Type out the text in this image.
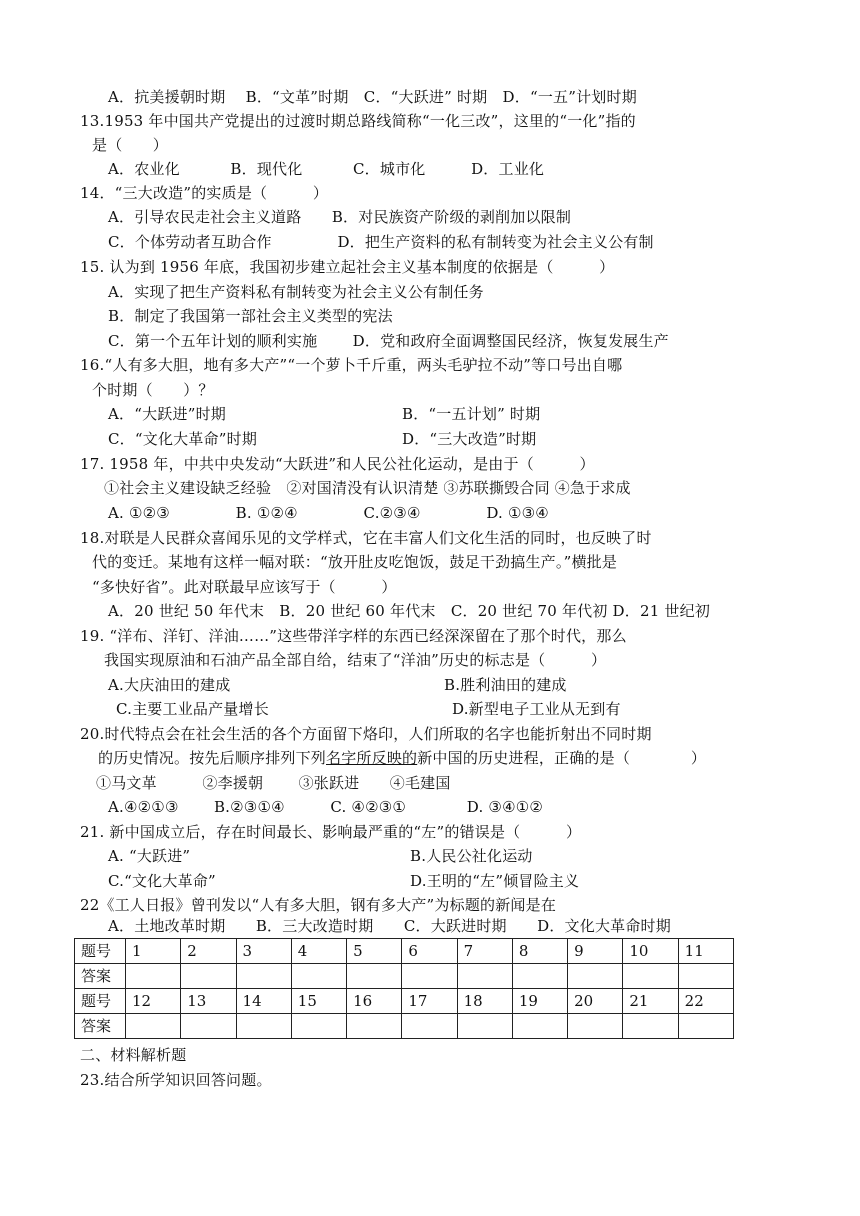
A．抗美援朝时期　 B．“文革”时期　C．“大跃进” 时期　D．“一五”计划时期
13.1953 年中国共产党提出的过渡时期总路线简称“一化三改”，这里的“一化”指的
是（　　）
A．农业化　　　 B．现代化　　　 C．城市化　　　D．工业化
14．“三大改造”的实质是（　　　）
A．引导农民走社会主义道路　　B．对民族资产阶级的剥削加以限制
C．个体劳动者互助合作　　　　 D．把生产资料的私有制转变为社会主义公有制
15. 认为到 1956 年底，我国初步建立起社会主义基本制度的依据是（　　　）
A．实现了把生产资料私有制转变为社会主义公有制任务
B．制定了我国第一部社会主义类型的宪法
C．第一个五年计划的顺利实施　　 D．党和政府全面调整国民经济，恢复发展生产
16.“人有多大胆，地有多大产”“一个萝卜千斤重，两头毛驴拉不动”等口号出自哪
个时期（　　）？
A．“大跃进”时期	B．“一五计划” 时期
C．“文化大革命”时期	D．“三大改造”时期
17. 1958 年，中共中央发动“大跃进”和人民公社化运动，是由于（　　　）
①社会主义建设缺乏经验　②对国清没有认识清楚 ③苏联撕毁合同 ④急于求成
A. ①②③　　　　 B. ①②④　　　　 C.②③④　　　　 D. ①③④
18.对联是人民群众喜闻乐见的文学样式，它在丰富人们文化生活的同时，也反映了时
代的变迁。某地有这样一幅对联：“放开肚皮吃饱饭，鼓足干劲搞生产。”横批是
“多快好省”。此对联最早应该写于（　　　）
A．20 世纪 50 年代末　B．20 世纪 60 年代末　C．20 世纪 70 年代初 D．21 世纪初
19. “洋布、洋钉、洋油……”这些带洋字样的东西已经深深留在了那个时代，那么
我国实现原油和石油产品全部自给，结束了“洋油”历史的标志是（　　　）
A.大庆油田的建成	B.胜利油田的建成
C.主要工业品产量增长	D.新型电子工业从无到有
20.时代特点会在社会生活的各个方面留下烙印，人们所取的名字也能折射出不同时期
的历史情况。按先后顺序排列下列名字所反映的新中国的历史进程，正确的是（　　　　）
①马文革　　　②李援朝　　 ③张跃进　　④毛建国
A.④②①③　　 B.②③①④　　　C. ④②③①　　　　D. ③④①②
21. 新中国成立后，存在时间最长、影响最严重的“左”的错误是（　　　）
A. “大跃进”	B.人民公社化运动
C.“文化大革命”	D.王明的“左”倾冒险主义
22《工人日报》曾刊发以“人有多大胆，钢有多大产”为标题的新闻是在
A．土地改革时期　　B．三大改造时期　　C．大跃进时期　　D．文化大革命时期
题号	1	2	3	4	5	6	7	8	9	10	11
答案											
题号	12	13	14	15	16	17	18	19	20	21	22
答案											
二、材料解析题
23.结合所学知识回答问题。
